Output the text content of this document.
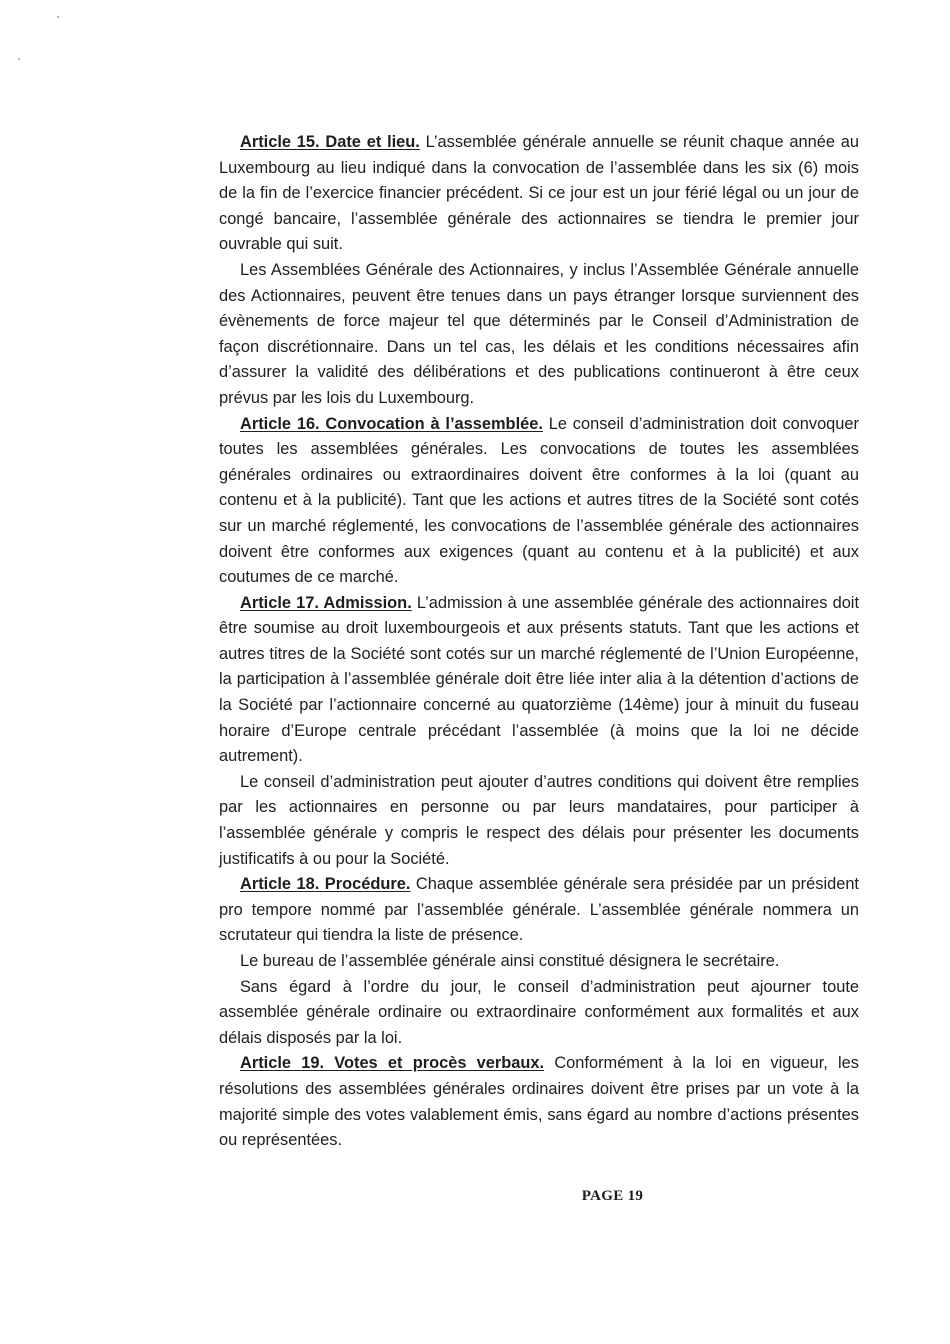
Article 15. Date et lieu. L’assemblée générale annuelle se réunit chaque année au Luxembourg au lieu indiqué dans la convocation de l’assemblée dans les six (6) mois de la fin de l’exercice financier précédent. Si ce jour est un jour férié légal ou un jour de congé bancaire, l’assemblée générale des actionnaires se tiendra le premier jour ouvrable qui suit.

Les Assemblées Générale des Actionnaires, y inclus l’Assemblée Générale annuelle des Actionnaires, peuvent être tenues dans un pays étranger lorsque surviennent des évènements de force majeur tel que déterminés par le Conseil d’Administration de façon discrétionnaire. Dans un tel cas, les délais et les conditions nécessaires afin d’assurer la validité des délibérations et des publications continueront à être ceux prévus par les lois du Luxembourg.

Article 16. Convocation à l’assemblée. Le conseil d’administration doit convoquer toutes les assemblées générales. Les convocations de toutes les assemblées générales ordinaires ou extraordinaires doivent être conformes à la loi (quant au contenu et à la publicité). Tant que les actions et autres titres de la Société sont cotés sur un marché réglementé, les convocations de l’assemblée générale des actionnaires doivent être conformes aux exigences (quant au contenu et à la publicité) et aux coutumes de ce marché.

Article 17. Admission. L’admission à une assemblée générale des actionnaires doit être soumise au droit luxembourgeois et aux présents statuts. Tant que les actions et autres titres de la Société sont cotés sur un marché réglementé de l’Union Européenne, la participation à l’assemblée générale doit être liée inter alia à la détention d’actions de la Société par l’actionnaire concerné au quatorzième (14ème) jour à minuit du fuseau horaire d’Europe centrale précédant l’assemblée (à moins que la loi ne décide autrement).

Le conseil d’administration peut ajouter d’autres conditions qui doivent être remplies par les actionnaires en personne ou par leurs mandataires, pour participer à l’assemblée générale y compris le respect des délais pour présenter les documents justificatifs à ou pour la Société.

Article 18. Procédure. Chaque assemblée générale sera présidée par un président pro tempore nommé par l’assemblée générale. L’assemblée générale nommera un scrutateur qui tiendra la liste de présence.

Le bureau de l’assemblée générale ainsi constitué désignera le secrétaire.

Sans égard à l’ordre du jour, le conseil d’administration peut ajourner toute assemblée générale ordinaire ou extraordinaire conformément aux formalités et aux délais disposés par la loi.

Article 19. Votes et procès verbaux. Conformément à la loi en vigueur, les résolutions des assemblées générales ordinaires doivent être prises par un vote à la majorité simple des votes valablement émis, sans égard au nombre d’actions présentes ou représentées.

PAGE 19
